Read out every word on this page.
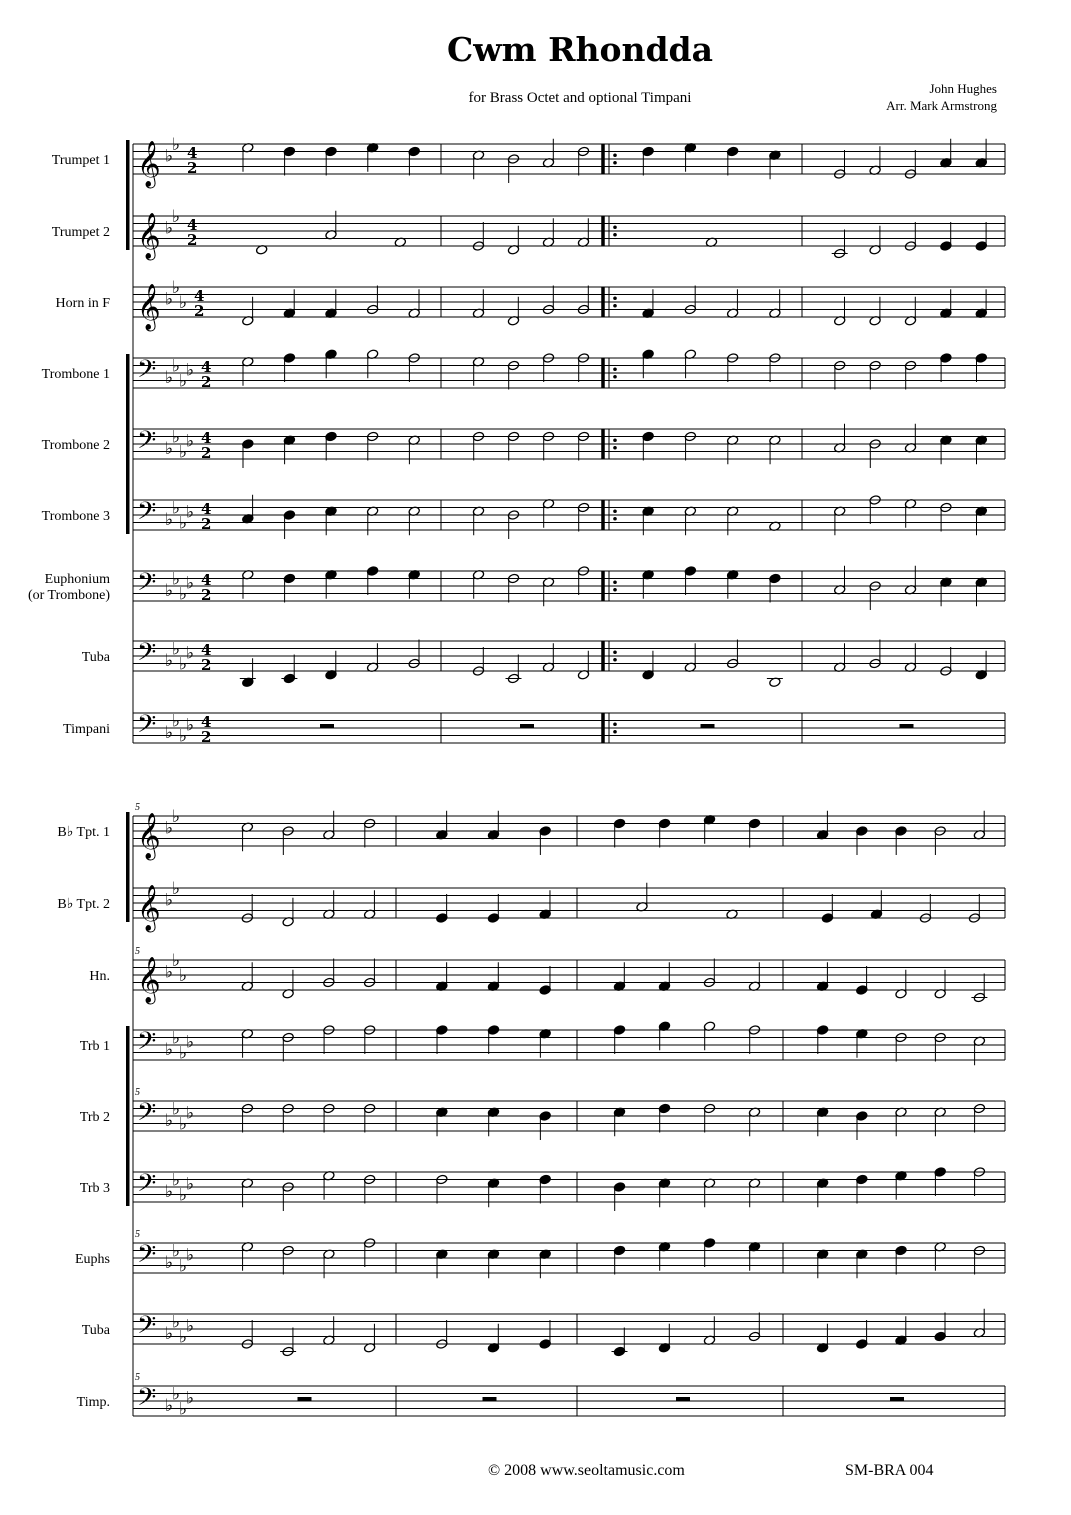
Cwm Rhondda
for Brass Octet and optional Timpani
John Hughes
Arr. Mark Armstrong
𝄞 ♭
♭ 4
2
Trumpet 1
𝄞 ♭
♭ 4
2
Trumpet 2
𝄞 ♭
♭
♭ 4
2
Horn in F
𝄢 ♭
♭
♭
♭ 4
2
Trombone 1
𝄢 ♭
♭
♭
♭ 4
2
Trombone 2
𝄢 ♭
♭
♭
♭ 4
2
Trombone 3
𝄢 ♭
♭
♭
♭ 4
2
Euphonium
(or Trombone)
𝄢 ♭
♭
♭
♭ 4
2
Tuba
𝄢 ♭
♭
♭
♭ 4
2
Timpani
𝄞 ♭
♭
B♭ Tpt. 1
5
𝄞 ♭
♭
B♭ Tpt. 2
𝄞 ♭
♭
♭
Hn.
5
𝄢 ♭
♭
♭
♭
Trb 1
𝄢 ♭
♭
♭
♭
Trb 2
5
𝄢 ♭
♭
♭
♭
Trb 3
𝄢 ♭
♭
♭
♭
Euphs
5
𝄢 ♭
♭
♭
♭
Tuba
𝄢 ♭
♭
♭
♭
Timp.
5
© 2008 www.seoltamusic.com	SM-BRA 004
